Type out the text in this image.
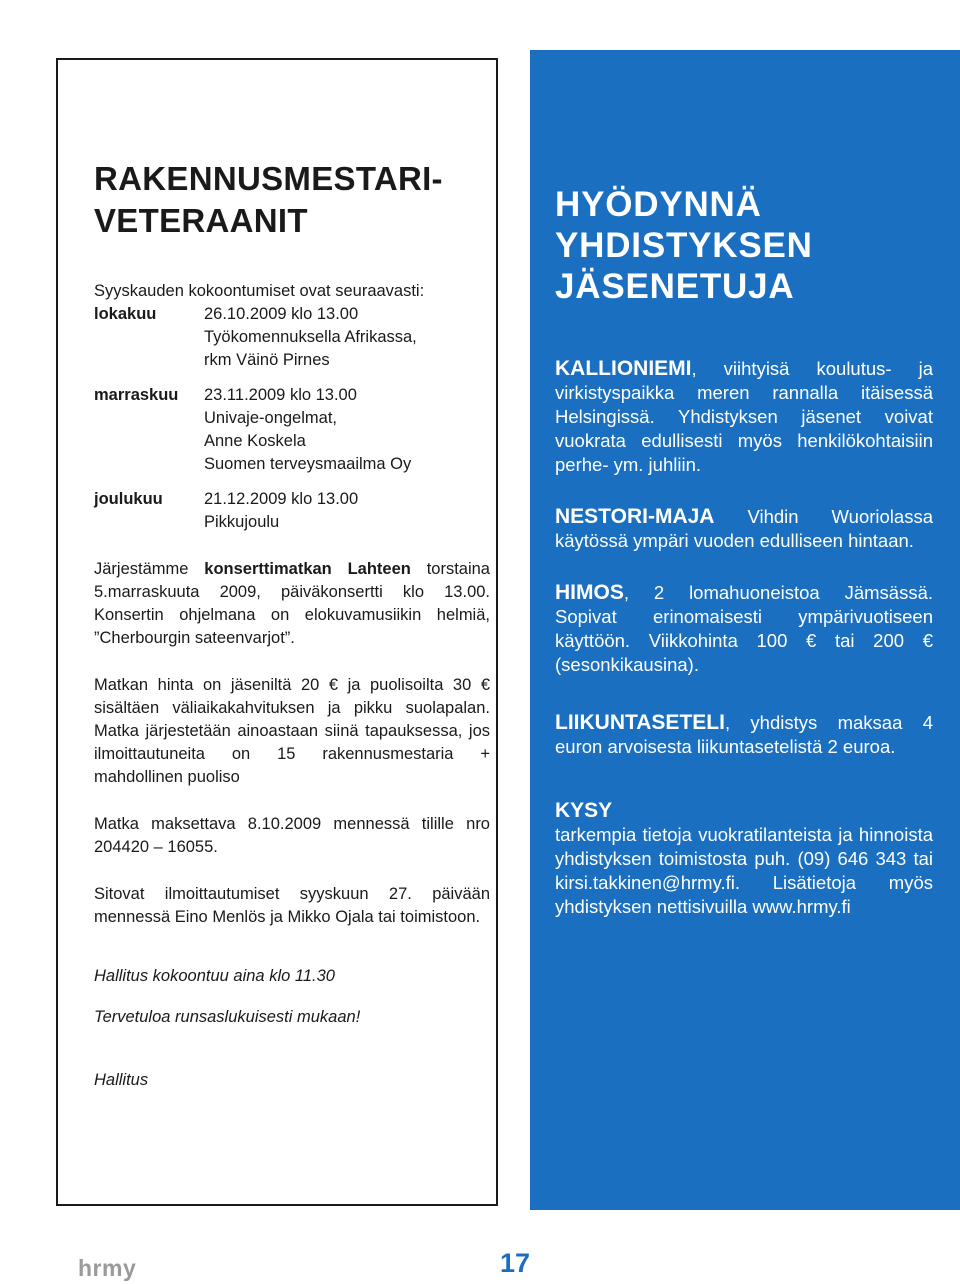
RAKENNUSMESTARI-
VETERAANIT

Syyskauden kokoontumiset ovat seuraavasti:

lokakuu	26.10.2009 klo 13.00
Työkomennuksella Afrikassa,
rkm Väinö Pirnes
marraskuu	23.11.2009 klo 13.00
Univaje-ongelmat,
Anne Koskela
Suomen terveysmaailma Oy
joulukuu	21.12.2009 klo 13.00
Pikkujoulu

Järjestämme konserttimatkan Lahteen torstaina 5.marraskuuta 2009, päiväkonsertti klo 13.00. Konsertin ohjelmana on elokuvamusiikin helmiä, ”Cherbourgin sateenvarjot”.

Matkan hinta on jäseniltä 20 € ja puolisoilta 30 € sisältäen väliaikakahvituksen ja pikku suolapalan. Matka järjestetään ainoastaan siinä tapauksessa, jos ilmoittautuneita on 15 rakennusmestaria + mahdollinen puoliso

Matka maksettava 8.10.2009 mennessä tilille nro 204420 – 16055.

Sitovat ilmoittautumiset syyskuun 27. päivään mennessä Eino Menlös ja Mikko Ojala tai toimistoon.

Hallitus kokoontuu aina klo 11.30

Tervetuloa runsaslukuisesti mukaan!

Hallitus

HYÖDYNNÄ
YHDISTYKSEN
JÄSENETUJA

KALLIONIEMI, viihtyisä koulutus- ja virkistyspaikka meren rannalla itäisessä Helsingissä. Yhdistyksen jäsenet voivat vuokrata edullisesti myös henkilökohtaisiin perhe- ym. juhliin.

NESTORI-MAJA Vihdin Wuoriolassa käytössä ympäri vuoden edulliseen hintaan.

HIMOS, 2 lomahuoneistoa Jämsässä. Sopivat erinomaisesti ympärivuotiseen käyttöön. Viikkohinta 100 € tai 200 € (sesonkikausina).

LIIKUNTASETELI, yhdistys maksaa 4 euron arvoisesta liikuntasetelistä 2 euroa.

KYSY
tarkempia tietoja vuokratilanteista ja hinnoista yhdistyksen toimistosta puh. (09) 646 343 tai kirsi.takkinen@hrmy.fi. Lisätietoja myös yhdistyksen nettisivuilla www.hrmy.fi

hrmy	17
